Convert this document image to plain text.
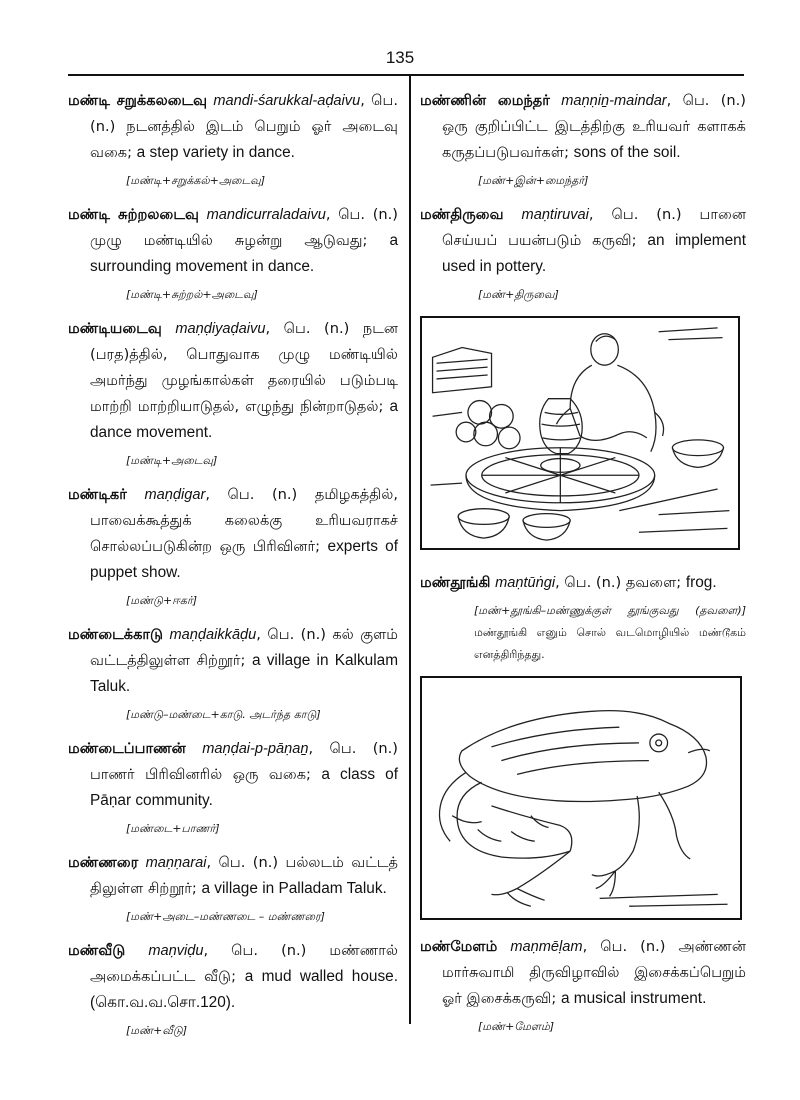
135

மண்டி சறுக்கலடைவு mandi-śarukkal-aḍaivu, பெ. (n.) நடனத்தில் இடம் பெறும் ஓர் அடைவு வகை; a step variety in dance.

[மண்டி+சறுக்கல்+அடைவு]

மண்டி சுற்றலடைவு mandicurraladaivu, பெ. (n.) முழு மண்டியில் சுழன்று ஆடுவது; a surrounding movement in dance.

[மண்டி+சுற்றல்+அடைவு]

மண்டியடைவு maṇḍiyaḍaivu, பெ. (n.) நடன (பரத)த்தில், பொதுவாக முழு மண்டியில் அமர்ந்து முழங்கால்கள் தரையில் படும்படி மாற்றி மாற்றியாடுதல், எழுந்து நின்றாடுதல்; a dance movement.

[மண்டி+அடைவு]

மண்டிகர் maṇḍigar, பெ. (n.) தமிழகத்தில், பாவைக்கூத்துக் கலைக்கு உரியவராகச் சொல்லப்படுகின்ற ஒரு பிரிவினர்; experts of puppet show.

[மண்டு+ஈகர்]

மண்டைக்காடு maṇḍaikkāḍu, பெ. (n.) கல் குளம் வட்டத்திலுள்ள சிற்றூர்; a village in Kalkulam Taluk.

[மண்டு–மண்டை+காடு. அடர்ந்த காடு]

மண்டைப்பாணன் maṇḍai-p-pāṇaṉ, பெ. (n.) பாணர் பிரிவினரில் ஒரு வகை; a class of Pāṇar community.

[மண்டை+பாணர்]

மண்ணரை maṇṇarai, பெ. (n.) பல்லடம் வட்டத் திலுள்ள சிற்றூர்; a village in Palladam Taluk.

[மண்+அடை–மண்ணடை – மண்ணரை]

மண்வீடு maṇviḍu, பெ. (n.) மண்ணால் அமைக்கப்பட்ட வீடு; a mud walled house. (கொ.வ.வ.சொ.120).

[மண்+வீடு]

மண்ணின் மைந்தர் maṇṇiṉ-maindar, பெ. (n.) ஒரு குறிப்பிட்ட இடத்திற்கு உரியவர் களாகக் கருதப்படுபவர்கள்; sons of the soil.

[மண்+இன்+மைந்தர்]

மண்திருவை maṇtiruvai, பெ. (n.) பானை செய்யப் பயன்படும் கருவி; an implement used in pottery.

[மண்+திருவை]

மண்தூங்கி maṇtūṅgi, பெ. (n.) தவளை; frog.

[மண்+தூங்கி–மண்ணுக்குள் தூங்குவது (தவளை)] மண்தூங்கி எனும் சொல் வடமொழியில் மண்டூகம் எனத்திரிந்தது.

மண்மேளம் maṇmēḷam, பெ. (n.) அண்ணன் மார்சுவாமி திருவிழாவில் இசைக்கப்பெறும் ஓர் இசைக்கருவி; a musical instrument.

[மண்+மேளம்]
